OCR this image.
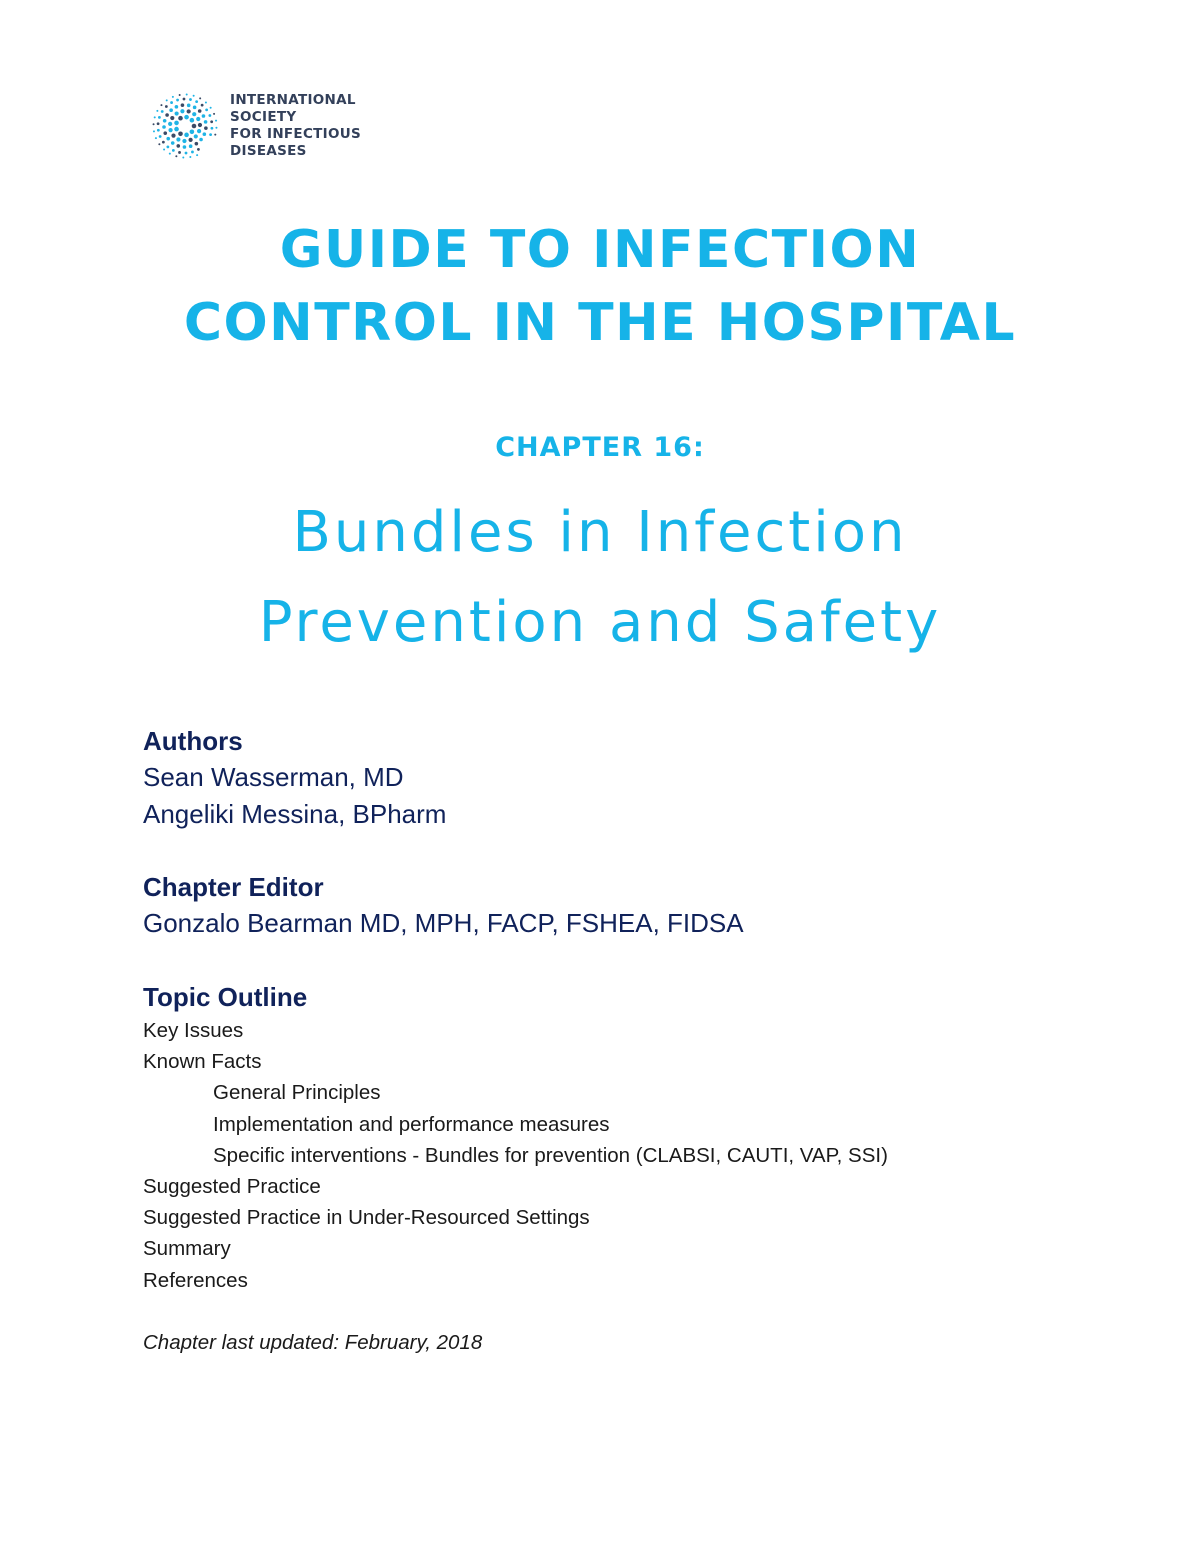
INTERNATIONAL
SOCIETY
FOR INFECTIOUS
DISEASES
GUIDE TO INFECTION
CONTROL IN THE HOSPITAL
CHAPTER 16:
Bundles in Infection
Prevention and Safety
Authors
Sean Wasserman, MD
Angeliki Messina, BPharm
Chapter Editor
Gonzalo Bearman MD, MPH, FACP, FSHEA, FIDSA
Topic Outline
Key Issues
Known Facts
General Principles
Implementation and performance measures
Specific interventions - Bundles for prevention (CLABSI, CAUTI, VAP, SSI)
Suggested Practice
Suggested Practice in Under-Resourced Settings
Summary
References
Chapter last updated: February, 2018
